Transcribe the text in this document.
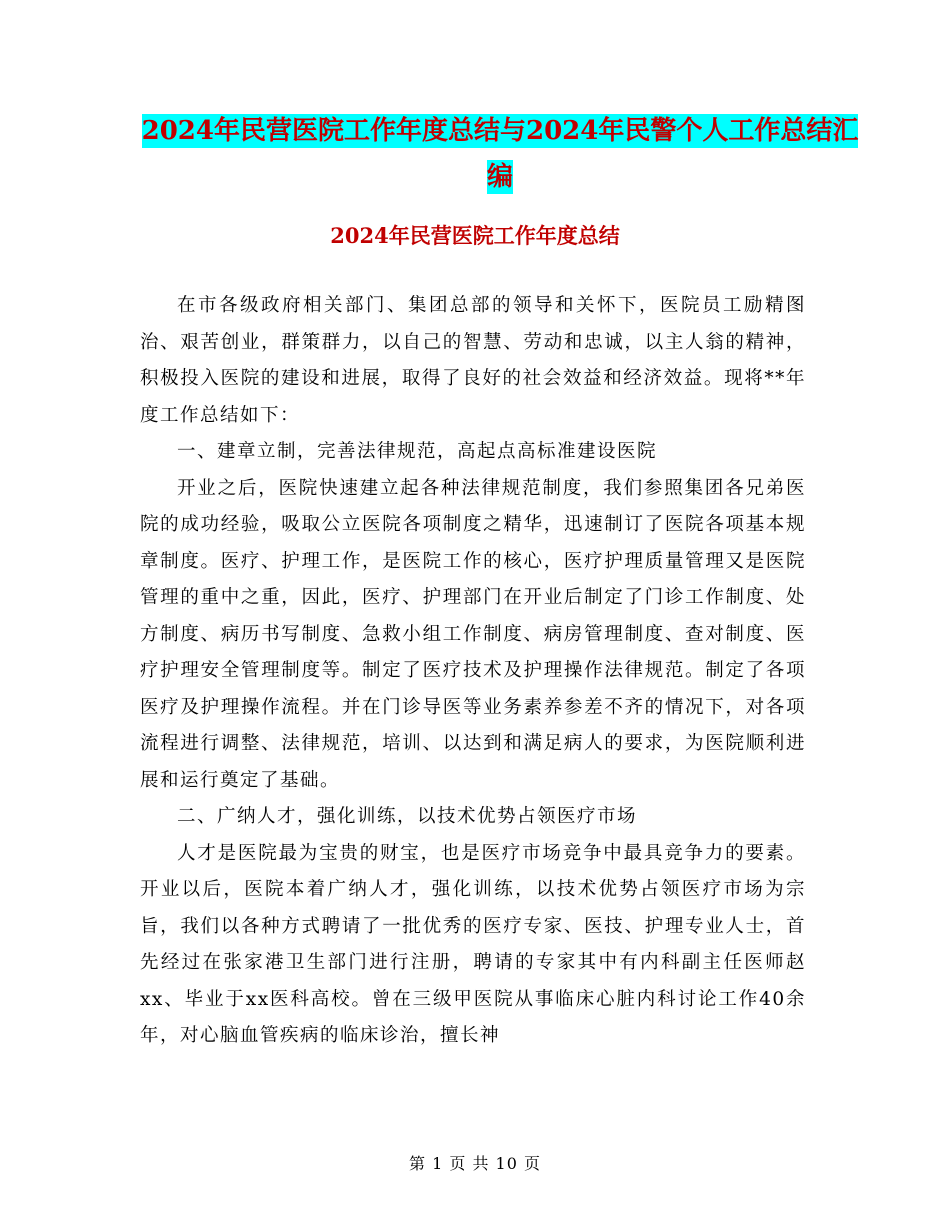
2024年民营医院工作年度总结与2024年民警个人工作总结汇编
2024年民营医院工作年度总结

在市各级政府相关部门、集团总部的领导和关怀下，医院员工励精图治、艰苦创业，群策群力，以自己的智慧、劳动和忠诚，以主人翁的精神，积极投入医院的建设和进展，取得了良好的社会效益和经济效益。现将**年度工作总结如下：

一、建章立制，完善法律规范，高起点高标准建设医院

开业之后，医院快速建立起各种法律规范制度，我们参照集团各兄弟医院的成功经验，吸取公立医院各项制度之精华，迅速制订了医院各项基本规章制度。医疗、护理工作，是医院工作的核心，医疗护理质量管理又是医院管理的重中之重，因此，医疗、护理部门在开业后制定了门诊工作制度、处方制度、病历书写制度、急救小组工作制度、病房管理制度、查对制度、医疗护理安全管理制度等。制定了医疗技术及护理操作法律规范。制定了各项医疗及护理操作流程。并在门诊导医等业务素养参差不齐的情况下，对各项流程进行调整、法律规范，培训、以达到和满足病人的要求，为医院顺利进展和运行奠定了基础。

二、广纳人才，强化训练，以技术优势占领医疗市场

人才是医院最为宝贵的财宝，也是医疗市场竞争中最具竞争力的要素。开业以后，医院本着广纳人才，强化训练，以技术优势占领医疗市场为宗旨，我们以各种方式聘请了一批优秀的医疗专家、医技、护理专业人士，首先经过在张家港卫生部门进行注册，聘请的专家其中有内科副主任医师赵xx、毕业于xx医科高校。曾在三级甲医院从事临床心脏内科讨论工作40余年，对心脑血管疾病的临床诊治，擅长神

第 1 页 共 10 页
